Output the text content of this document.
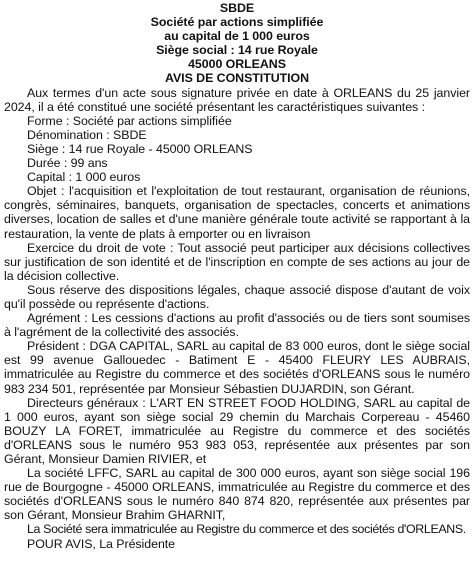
SBDE
Société par actions simplifiée
au capital de 1 000 euros
Siège social : 14 rue Royale
45000 ORLEANS
AVIS DE CONSTITUTION

Aux termes d'un acte sous signature privée en date à ORLEANS du 25 janvier 2024, il a été constitué une société présentant les caractéristiques suivantes :

Forme : Société par actions simplifiée

Dénomination : SBDE

Siège : 14 rue Royale - 45000 ORLEANS

Durée : 99 ans

Capital : 1 000 euros

Objet : l'acquisition et l'exploitation de tout restaurant, organisation de réunions, congrès, séminaires, banquets, organisation de spectacles, concerts et animations diverses, location de salles et d'une manière générale toute activité se rapportant à la restauration, la vente de plats à emporter ou en livraison

Exercice du droit de vote : Tout associé peut participer aux décisions collectives sur justification de son identité et de l'inscription en compte de ses actions au jour de la décision collective.

Sous réserve des dispositions légales, chaque associé dispose d'autant de voix qu'il possède ou représente d'actions.

Agrément : Les cessions d'actions au profit d'associés ou de tiers sont soumises à l'agrément de la collectivité des associés.

Président : DGA CAPITAL, SARL au capital de 83 000 euros, dont le siège social est 99 avenue Gallouedec - Batiment E - 45400 FLEURY LES AUBRAIS, immatriculée au Registre du commerce et des sociétés d'ORLEANS sous le numéro 983 234 501, représentée par Monsieur Sébastien DUJARDIN, son Gérant.

Directeurs généraux : L'ART EN STREET FOOD HOLDING, SARL au capital de 1 000 euros, ayant son siège social 29 chemin du Marchais Corpereau - 45460 BOUZY LA FORET, immatriculée au Registre du commerce et des sociétés d'ORLEANS sous le numéro 953 983 053, représentée aux présentes par son Gérant, Monsieur Damien RIVIER, et

La société LFFC, SARL au capital de 300 000 euros, ayant son siège social 196 rue de Bourgogne - 45000 ORLEANS, immatriculée au Registre du commerce et des sociétés d'ORLEANS sous le numéro 840 874 820, représentée aux présentes par son Gérant, Monsieur Brahim GHARNIT,

La Société sera immatriculée au Registre du commerce et des sociétés d'ORLEANS.

POUR AVIS, La Présidente
